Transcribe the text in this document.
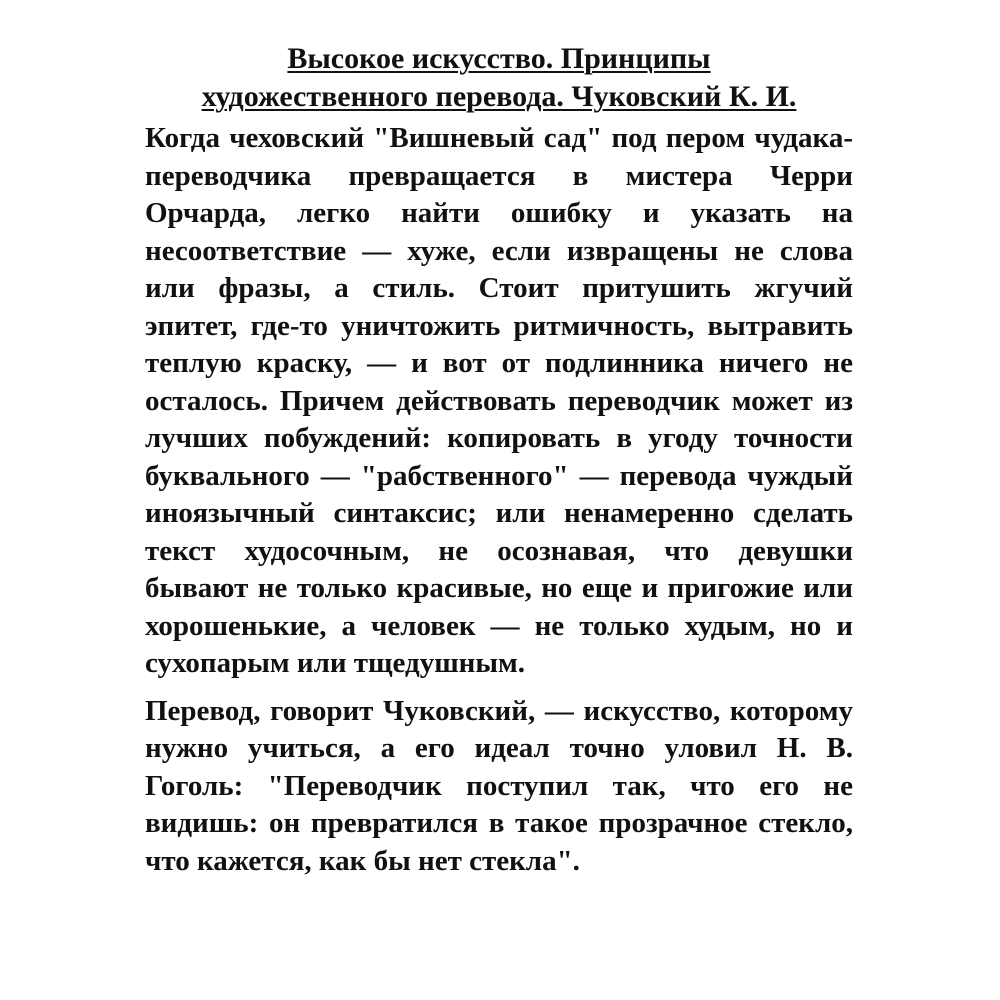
Высокое искусство. Принципы
художественного перевода. Чуковский К. И.

Когда чеховский "Вишневый сад" под пером чудака-переводчика превращается в мистера Черри Орчарда, легко найти ошибку и указать на несоответствие — хуже, если извращены не слова или фразы, а стиль. Стоит притушить жгучий эпитет, где-то уничтожить ритмичность, вытравить теплую краску, — и вот от подлинника ничего не осталось. Причем действовать переводчик может из лучших побуждений: копировать в угоду точности буквального — "рабственного" — перевода чуждый иноязычный синтаксис; или ненамеренно сделать текст худосочным, не осознавая, что девушки бывают не только красивые, но еще и пригожие или хорошенькие, а человек — не только худым, но и сухопарым или тщедушным.

Перевод, говорит Чуковский, — искусство, которому нужно учиться, а его идеал точно уловил Н. В. Гоголь: "Переводчик поступил так, что его не видишь: он превратился в такое прозрачное стекло, что кажется, как бы нет стекла".
